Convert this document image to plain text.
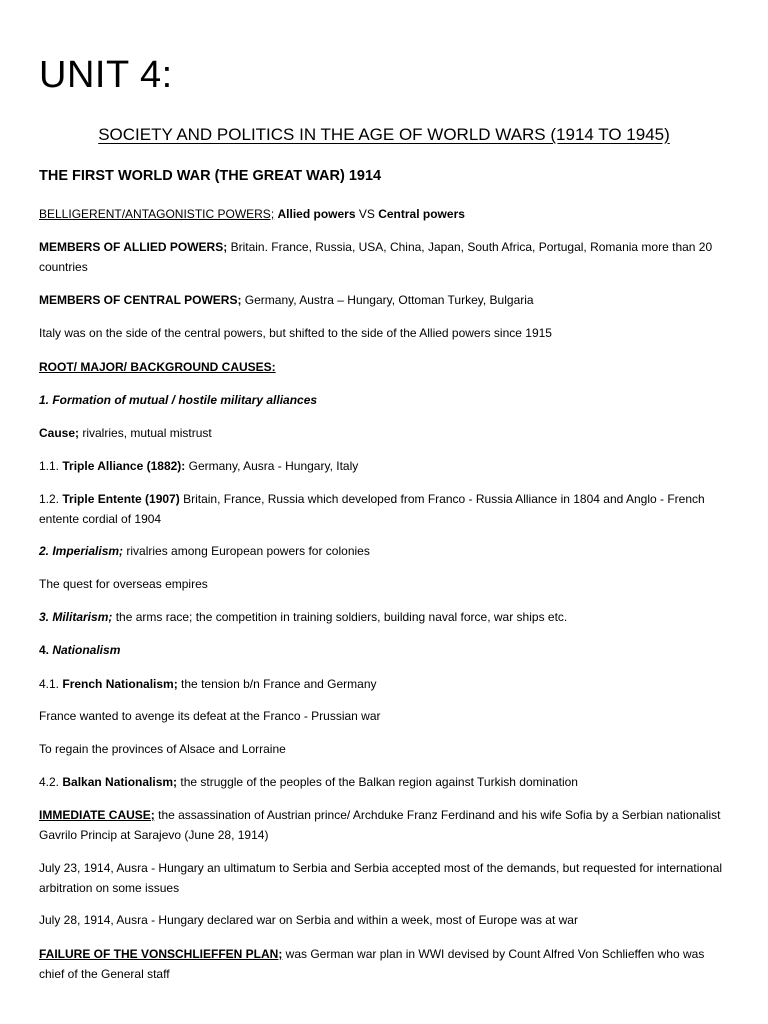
UNIT 4:
SOCIETY AND POLITICS IN THE AGE OF WORLD WARS (1914 TO 1945)
THE FIRST WORLD WAR (THE GREAT WAR) 1914

BELLIGERENT/ANTAGONISTIC POWERS; Allied powers VS Central powers

MEMBERS OF ALLIED POWERS; Britain. France, Russia, USA, China, Japan, South Africa, Portugal, Romania more than 20 countries

MEMBERS OF CENTRAL POWERS; Germany, Austra – Hungary, Ottoman Turkey, Bulgaria

Italy was on the side of the central powers, but shifted to the side of the Allied powers since 1915

ROOT/ MAJOR/ BACKGROUND CAUSES:

1. Formation of mutual / hostile military alliances

Cause; rivalries, mutual mistrust

1.1. Triple Alliance (1882): Germany, Ausra - Hungary, Italy

1.2. Triple Entente (1907) Britain, France, Russia which developed from Franco - Russia Alliance in 1804 and Anglo - French entente cordial of 1904

2. Imperialism; rivalries among European powers for colonies

The quest for overseas empires

3. Militarism; the arms race; the competition in training soldiers, building naval force, war ships etc.

4. Nationalism

4.1. French Nationalism; the tension b/n France and Germany

France wanted to avenge its defeat at the Franco - Prussian war

To regain the provinces of Alsace and Lorraine

4.2. Balkan Nationalism; the struggle of the peoples of the Balkan region against Turkish domination

IMMEDIATE CAUSE; the assassination of Austrian prince/ Archduke Franz Ferdinand and his wife Sofia by a Serbian nationalist Gavrilo Princip at Sarajevo (June 28, 1914)

July 23, 1914, Ausra - Hungary an ultimatum to Serbia and Serbia accepted most of the demands, but requested for international arbitration on some issues

July 28, 1914, Ausra - Hungary declared war on Serbia and within a week, most of Europe was at war

FAILURE OF THE VONSCHLIEFFEN PLAN; was German war plan in WWI devised by Count Alfred Von Schlieffen who was chief of the General staff
